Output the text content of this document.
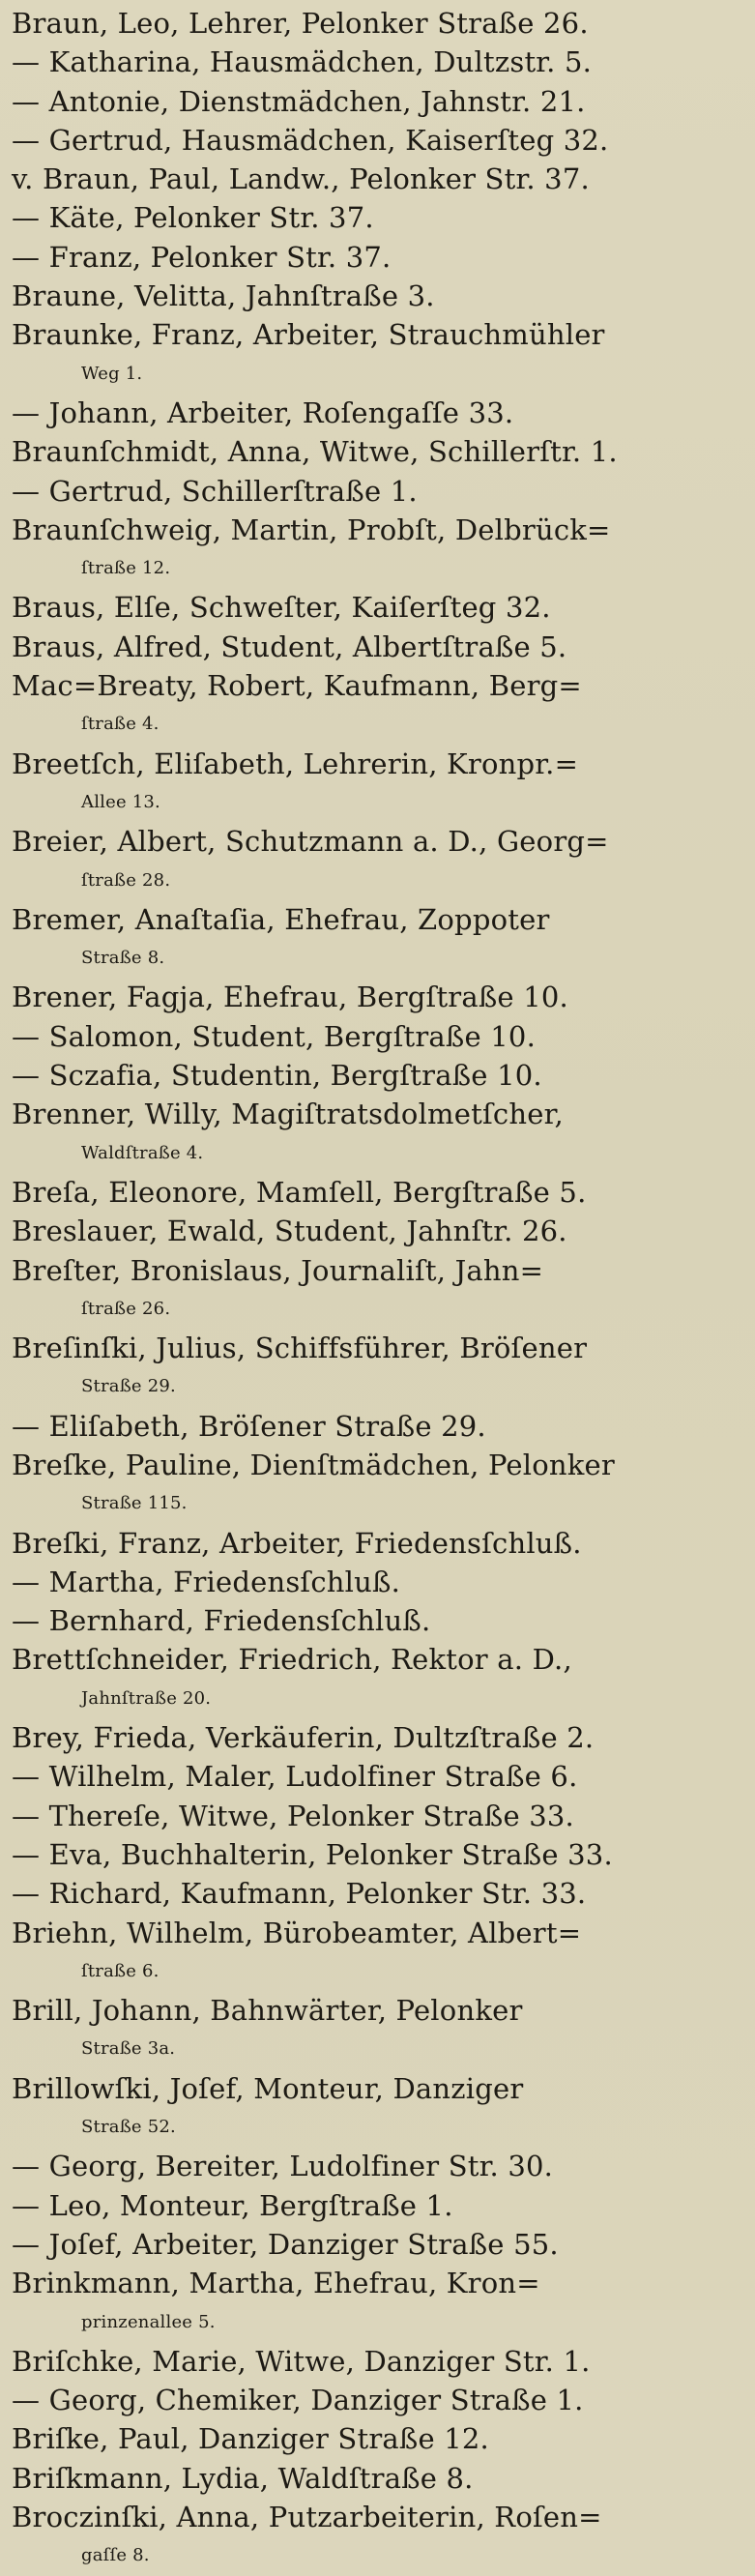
Braun, Leo, Lehrer, Pelonker Straße 26.
— Katharina, Hausmädchen, Dultzstr. 5.
— Antonie, Dienstmädchen, Jahnstr. 21.
— Gertrud, Hausmädchen, Kaiserſteg 32.
v. Braun, Paul, Landw., Pelonker Str. 37.
— Käte, Pelonker Str. 37.
— Franz, Pelonker Str. 37.
Braune, Velitta, Jahnſtraße 3.
Braunke, Franz, Arbeiter, Strauchmühler
Weg 1.
— Johann, Arbeiter, Roſengaſſe 33.
Braunſchmidt, Anna, Witwe, Schillerſtr. 1.
— Gertrud, Schillerſtraße 1.
Braunſchweig, Martin, Probſt, Delbrück=
ſtraße 12.
Braus, Elſe, Schweſter, Kaiſerſteg 32.
Braus, Alfred, Student, Albertſtraße 5.
Mac=Breaty, Robert, Kaufmann, Berg=
ſtraße 4.
Breetſch, Eliſabeth, Lehrerin, Kronpr.=
Allee 13.
Breier, Albert, Schutzmann a. D., Georg=
ſtraße 28.
Bremer, Anaſtaſia, Ehefrau, Zoppoter
Straße 8.
Brener, Fagja, Ehefrau, Bergſtraße 10.
— Salomon, Student, Bergſtraße 10.
— Sczafia, Studentin, Bergſtraße 10.
Brenner, Willy, Magiſtratsdolmetſcher,
Waldſtraße 4.
Breſa, Eleonore, Mamſell, Bergſtraße 5.
Breslauer, Ewald, Student, Jahnſtr. 26.
Breſter, Bronislaus, Journaliſt, Jahn=
ſtraße 26.
Breſinſki, Julius, Schiffsführer, Bröſener
Straße 29.
— Eliſabeth, Bröſener Straße 29.
Breſke, Pauline, Dienſtmädchen, Pelonker
Straße 115.
Breſki, Franz, Arbeiter, Friedensſchluß.
— Martha, Friedensſchluß.
— Bernhard, Friedensſchluß.
Brettſchneider, Friedrich, Rektor a. D.,
Jahnſtraße 20.
Brey, Frieda, Verkäuferin, Dultzſtraße 2.
— Wilhelm, Maler, Ludolfiner Straße 6.
— Thereſe, Witwe, Pelonker Straße 33.
— Eva, Buchhalterin, Pelonker Straße 33.
— Richard, Kaufmann, Pelonker Str. 33.
Briehn, Wilhelm, Bürobeamter, Albert=
ſtraße 6.
Brill, Johann, Bahnwärter, Pelonker
Straße 3a.
Brillowſki, Joſef, Monteur, Danziger
Straße 52.
— Georg, Bereiter, Ludolfiner Str. 30.
— Leo, Monteur, Bergſtraße 1.
— Joſef, Arbeiter, Danziger Straße 55.
Brinkmann, Martha, Ehefrau, Kron=
prinzenallee 5.
Briſchke, Marie, Witwe, Danziger Str. 1.
— Georg, Chemiker, Danziger Straße 1.
Briſke, Paul, Danziger Straße 12.
Briſkmann, Lydia, Waldſtraße 8.
Broczinſki, Anna, Putzarbeiterin, Roſen=
gaſſe 8.
